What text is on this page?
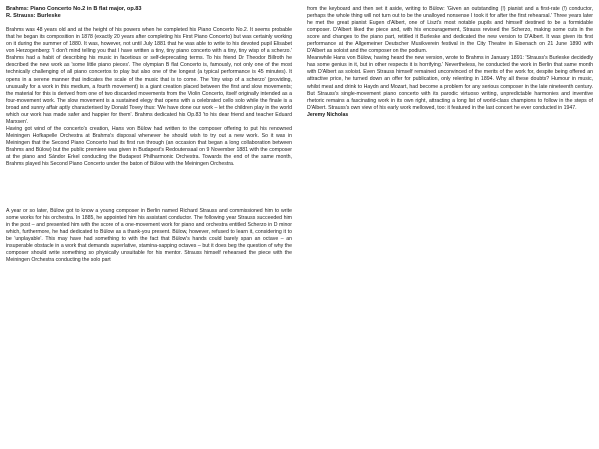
Brahms: Piano Concerto No.2 in B flat major, op.83
R. Strauss: Burleske

Brahms was 48 years old and at the height of his powers when he completed his Piano Concerto No.2. It seems probable that he began its composition in 1878 (exactly 20 years after completing his First Piano Concerto) but was certainly working on it during the summer of 1880. It was, however, not until July 1881 that he was able to write to his devoted pupil Elisabet von Herzogenberg: 'I don't mind telling you that I have written a tiny, tiny piano concerto with a tiny, tiny wisp of a scherzo.' Brahms had a habit of describing his music in facetious or self-deprecating terms. To his friend Dr Theodor Billroth he described the new work as 'some little piano pieces'. The olympian B flat Concerto is, famously, not only one of the most technically challenging of all piano concertos to play but also one of the longest (a typical performance is 45 minutes). It opens in a serene manner that indicates the scale of the music that is to come. The 'tiny wisp of a scherzo' (providing, unusually for a work in this medium, a fourth movement) is a giant creation placed between the first and slow movements; the material for this is derived from one of two discarded movements from the Violin Concerto, itself originally intended as a four-movement work. The slow movement is a sustained elegy that opens with a celebrated cello solo while the finale is a broad and sunny affair aptly characterised by Donald Tovey thus: 'We have done our work – let the children play in the world which our work has made safer and happier for them'. Brahms dedicated his Op.83 'to his dear friend and teacher Eduard Marxsen'.

Having got wind of the concerto's creation, Hans von Bülow had written to the composer offering to put his renowned Meiningen Hofkapelle Orchestra at Brahms's disposal whenever he should wish to try out a new work. So it was in Meiningen that the Second Piano Concerto had its first run through (an occasion that began a long collaboration between Brahms and Bülow) but the public premiere was given in Budapest's Redoutensaal on 9 November 1881 with the composer at the piano and Sándor Erkel conducting the Budapest Philharmonic Orchestra. Towards the end of the same month, Brahms played his Second Piano Concerto under the baton of Bülow with the Meiningen Orchestra.

A year or so later, Bülow got to know a young composer in Berlin named Richard Strauss and commissioned him to write some works for his orchestra. In 1885, he appointed him his assistant conductor. The following year Strauss succeeded him in the post – and presented him with the score of a one-movement work for piano and orchestra entitled Scherzo in D minor which, furthermore, he had dedicated to Bülow as a thank-you present. Bülow, however, refused to learn it, considering it to be 'unplayable'. This may have had something to with the fact that Bülow's hands could barely span an octave – an insuperable obstacle in a work that demands superlative, stamina-sapping octaves – but it does beg the question of why the composer should write something so physically unsuitable for his mentor. Strauss himself rehearsed the piece with the Meiningen Orchestra conducting the solo part

from the keyboard and then set it aside, writing to Bülow: 'Given an outstanding (!) pianist and a first-rate (!) conductor, perhaps the whole thing will not turn out to be the unalloyed nonsense I took it for after the first rehearsal.' Three years later he met the great pianist Eugen d'Albert, one of Liszt's most notable pupils and himself destined to be a formidable composer. D'Albert liked the piece and, with his encouragement, Strauss revised the Scherzo, making some cuts in the score and changes to the piano part, retitled it Burleske and dedicated the new version to D'Albert. It was given its first performance at the Allgemeiner Deutscher Musikverein festival in the City Theatre in Eisenach on 21 June 1890 with D'Albert as soloist and the composer on the podium.

Meanwhile Hans von Bülow, having heard the new version, wrote to Brahms in January 1891: 'Strauss's Burleske decidedly has some genius in it, but in other respects it is horrifying.' Nevertheless, he conducted the work in Berlin that same month with D'Albert as soloist. Even Strauss himself remained unconvinced of the merits of the work for, despite being offered an attractive price, he turned down an offer for publication, only relenting in 1894. Why all these doubts? Humour in music, whilst meat and drink to Haydn and Mozart, had become a problem for any serious composer in the late nineteenth century. But Strauss's single-movement piano concerto with its parodic virtuoso writing, unpredictable harmonies and inventive rhetoric remains a fascinating work in its own right, attracting a long list of world-class champions to follow in the steps of D'Albert. Strauss's own view of his early work mellowed, too: it featured in the last concert he ever conducted in 1947.

Jeremy Nicholas
